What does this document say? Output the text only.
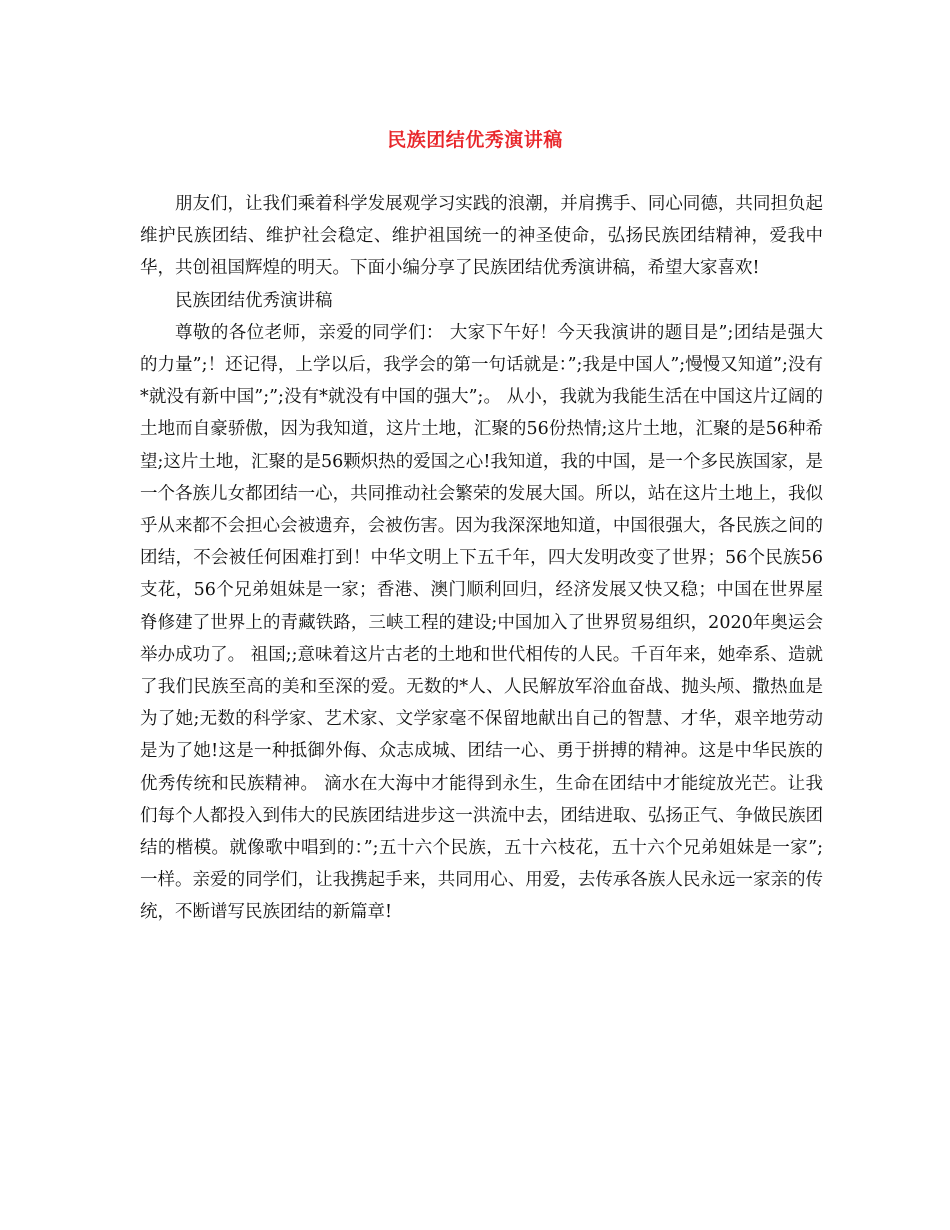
民族团结优秀演讲稿

朋友们，让我们乘着科学发展观学习实践的浪潮，并肩携手、同心同德，共同担负起维护民族团结、维护社会稳定、维护祖国统一的神圣使命，弘扬民族团结精神，爱我中华，共创祖国辉煌的明天。下面小编分享了民族团结优秀演讲稿，希望大家喜欢!

民族团结优秀演讲稿

尊敬的各位老师，亲爱的同学们： 大家下午好！今天我演讲的题目是”;团结是强大的力量”;！还记得，上学以后，我学会的第一句话就是：”;我是中国人”;慢慢又知道”;没有*就没有新中国”;”;没有*就没有中国的强大”;。 从小，我就为我能生活在中国这片辽阔的土地而自豪骄傲，因为我知道，这片土地，汇聚的56份热情;这片土地，汇聚的是56种希望;这片土地，汇聚的是56颗炽热的爱国之心!我知道，我的中国，是一个多民族国家，是一个各族儿女都团结一心，共同推动社会繁荣的发展大国。所以，站在这片土地上，我似乎从来都不会担心会被遗弃，会被伤害。因为我深深地知道，中国很强大，各民族之间的团结，不会被任何困难打到！中华文明上下五千年，四大发明改变了世界；56个民族56支花，56个兄弟姐妹是一家；香港、澳门顺利回归，经济发展又快又稳；中国在世界屋脊修建了世界上的青藏铁路，三峡工程的建设;中国加入了世界贸易组织，2020年奥运会举办成功了。 祖国;;意味着这片古老的土地和世代相传的人民。千百年来，她牵系、造就了我们民族至高的美和至深的爱。无数的*人、人民解放军浴血奋战、抛头颅、撒热血是为了她;无数的科学家、艺术家、文学家毫不保留地献出自己的智慧、才华，艰辛地劳动是为了她!这是一种抵御外侮、众志成城、团结一心、勇于拼搏的精神。这是中华民族的优秀传统和民族精神。 滴水在大海中才能得到永生，生命在团结中才能绽放光芒。让我们每个人都投入到伟大的民族团结进步这一洪流中去，团结进取、弘扬正气、争做民族团结的楷模。就像歌中唱到的：”;五十六个民族，五十六枝花，五十六个兄弟姐妹是一家”;一样。亲爱的同学们，让我携起手来，共同用心、用爱，去传承各族人民永远一家亲的传统，不断谱写民族团结的新篇章!
